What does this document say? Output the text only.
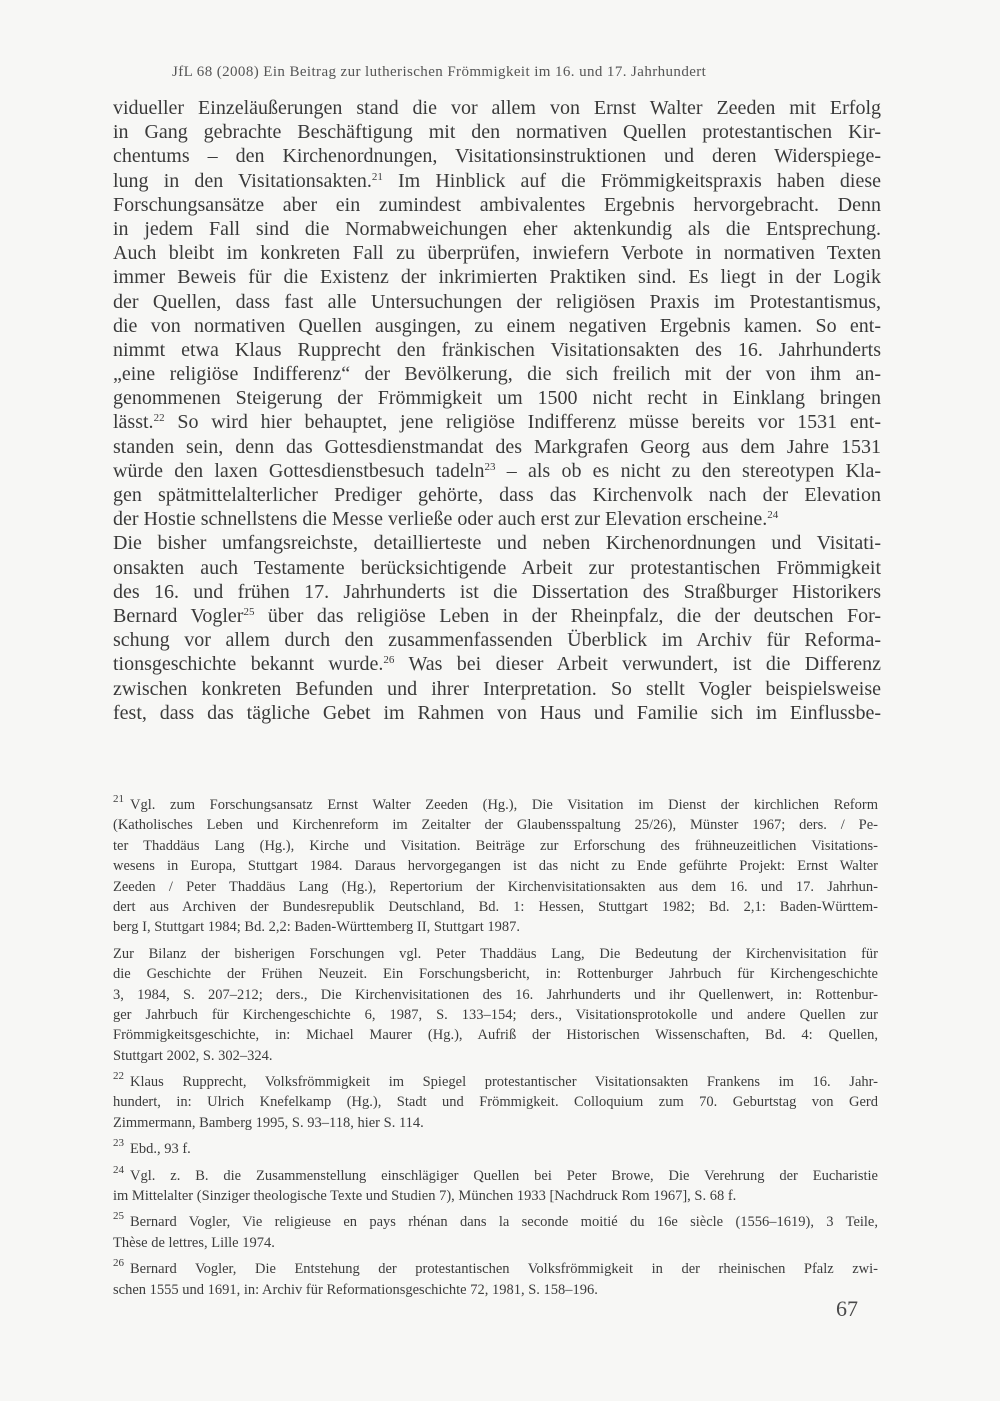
JfL 68 (2008) Ein Beitrag zur lutherischen Frömmigkeit im 16. und 17. Jahrhundert
vidueller Einzeläußerungen stand die vor allem von Ernst Walter Zeeden mit Erfolg
in Gang gebrachte Beschäftigung mit den normativen Quellen protestantischen Kir-
chentums – den Kirchenordnungen, Visitationsinstruktionen und deren Widerspiege-
lung in den Visitationsakten.$^{21}$ Im Hinblick auf die Frömmigkeitspraxis haben diese
Forschungsansätze aber ein zumindest ambivalentes Ergebnis hervorgebracht. Denn
in jedem Fall sind die Normabweichungen eher aktenkundig als die Entsprechung.
Auch bleibt im konkreten Fall zu überprüfen, inwiefern Verbote in normativen Texten
immer Beweis für die Existenz der inkrimierten Praktiken sind. Es liegt in der Logik
der Quellen, dass fast alle Untersuchungen der religiösen Praxis im Protestantismus,
die von normativen Quellen ausgingen, zu einem negativen Ergebnis kamen. So ent-
nimmt etwa Klaus Rupprecht den fränkischen Visitationsakten des 16. Jahrhunderts
„eine religiöse Indifferenz“ der Bevölkerung, die sich freilich mit der von ihm an-
genommenen Steigerung der Frömmigkeit um 1500 nicht recht in Einklang bringen
lässt.$^{22}$ So wird hier behauptet, jene religiöse Indifferenz müsse bereits vor 1531 ent-
standen sein, denn das Gottesdienstmandat des Markgrafen Georg aus dem Jahre 1531
würde den laxen Gottesdienstbesuch tadeln$^{23}$ – als ob es nicht zu den stereotypen Kla-
gen spätmittelalterlicher Prediger gehörte, dass das Kirchenvolk nach der Elevation
der Hostie schnellstens die Messe verließe oder auch erst zur Elevation erscheine.$^{24}$
Die bisher umfangsreichste, detaillierteste und neben Kirchenordnungen und Visitati-
onsakten auch Testamente berücksichtigende Arbeit zur protestantischen Frömmigkeit
des 16. und frühen 17. Jahrhunderts ist die Dissertation des Straßburger Historikers
Bernard Vogler$^{25}$ über das religiöse Leben in der Rheinpfalz, die der deutschen For-
schung vor allem durch den zusammenfassenden Überblick im Archiv für Reforma-
tionsgeschichte bekannt wurde.$^{26}$ Was bei dieser Arbeit verwundert, ist die Differenz
zwischen konkreten Befunden und ihrer Interpretation. So stellt Vogler beispielsweise
fest, dass das tägliche Gebet im Rahmen von Haus und Familie sich im Einflussbe-
$^{21}$ Vgl. zum Forschungsansatz Ernst Walter Zeeden (Hg.), Die Visitation im Dienst der kirchlichen Reform
(Katholisches Leben und Kirchenreform im Zeitalter der Glaubensspaltung 25/26), Münster 1967; ders. / Pe-
ter Thaddäus Lang (Hg.), Kirche und Visitation. Beiträge zur Erforschung des frühneuzeitlichen Visitations-
wesens in Europa, Stuttgart 1984. Daraus hervorgegangen ist das nicht zu Ende geführte Projekt: Ernst Walter
Zeeden / Peter Thaddäus Lang (Hg.), Repertorium der Kirchenvisitationsakten aus dem 16. und 17. Jahrhun-
dert aus Archiven der Bundesrepublik Deutschland, Bd. 1: Hessen, Stuttgart 1982; Bd. 2,1: Baden-Württem-
berg I, Stuttgart 1984; Bd. 2,2: Baden-Württemberg II, Stuttgart 1987.
Zur Bilanz der bisherigen Forschungen vgl. Peter Thaddäus Lang, Die Bedeutung der Kirchenvisitation für
die Geschichte der Frühen Neuzeit. Ein Forschungsbericht, in: Rottenburger Jahrbuch für Kirchengeschichte
3, 1984, S. 207–212; ders., Die Kirchenvisitationen des 16. Jahrhunderts und ihr Quellenwert, in: Rottenbur-
ger Jahrbuch für Kirchengeschichte 6, 1987, S. 133–154; ders., Visitationsprotokolle und andere Quellen zur
Frömmigkeitsgeschichte, in: Michael Maurer (Hg.), Aufriß der Historischen Wissenschaften, Bd. 4: Quellen,
Stuttgart 2002, S. 302–324.
$^{22}$ Klaus Rupprecht, Volksfrömmigkeit im Spiegel protestantischer Visitationsakten Frankens im 16. Jahr-
hundert, in: Ulrich Knefelkamp (Hg.), Stadt und Frömmigkeit. Colloquium zum 70. Geburtstag von Gerd
Zimmermann, Bamberg 1995, S. 93–118, hier S. 114.
$^{23}$ Ebd., 93 f.
$^{24}$ Vgl. z. B. die Zusammenstellung einschlägiger Quellen bei Peter Browe, Die Verehrung der Eucharistie
im Mittelalter (Sinziger theologische Texte und Studien 7), München 1933 [Nachdruck Rom 1967], S. 68 f.
$^{25}$ Bernard Vogler, Vie religieuse en pays rhénan dans la seconde moitié du 16e siècle (1556–1619), 3 Teile,
Thèse de lettres, Lille 1974.
$^{26}$ Bernard Vogler, Die Entstehung der protestantischen Volksfrömmigkeit in der rheinischen Pfalz zwi-
schen 1555 und 1691, in: Archiv für Reformationsgeschichte 72, 1981, S. 158–196.
67
